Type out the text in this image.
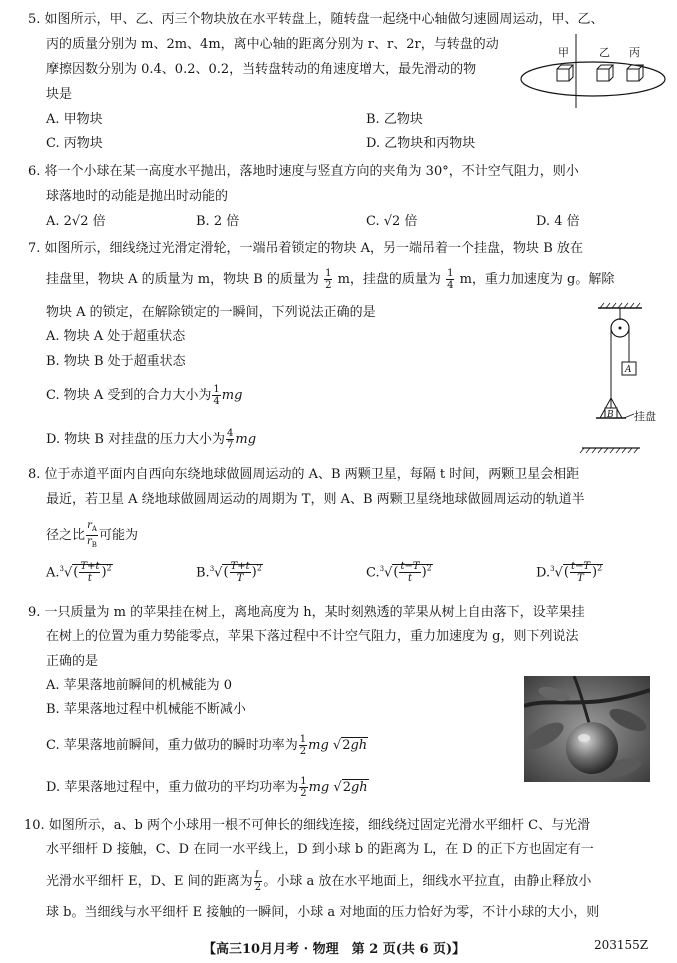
5. 如图所示，甲、乙、丙三个物块放在水平转盘上，随转盘一起绕中心轴做匀速圆周运动，甲、乙、
丙的质量分别为 m、2m、4m，离中心轴的距离分别为 r、r、2r，与转盘的动
摩擦因数分别为 0.4、0.2、0.2，当转盘转动的角速度增大，最先滑动的物
块是
A. 甲物块	B. 乙物块
C. 丙物块	D. 乙物块和丙物块
甲	乙 丙
6. 将一个小球在某一高度水平抛出，落地时速度与竖直方向的夹角为 30°，不计空气阻力，则小
球落地时的动能是抛出时动能的
A. 2√2 倍	B. 2 倍	C. √2 倍	D. 4 倍
7. 如图所示，细线绕过光滑定滑轮，一端吊着锁定的物块 A，另一端吊着一个挂盘，物块 B 放在
挂盘里，物块 A 的质量为 m，物块 B 的质量为 $\frac{1}{2}$ m，挂盘的质量为 $\frac{1}{4}$ m，重力加速度为 g。解除
物块 A 的锁定，在解除锁定的一瞬间，下列说法正确的是
A. 物块 A 处于超重状态
B. 物块 B 处于超重状态
C. 物块 A 受到的合力大小为 $\frac{1}{4}$ mg
D. 物块 B 对挂盘的压力大小为 $\frac{4}{7}$ mg
A
B 挂盘
8. 位于赤道平面内自西向东绕地球做圆周运动的 A、B 两颗卫星，每隔 t 时间，两颗卫星会相距
最近，若卫星 A 绕地球做圆周运动的周期为 T，则 A、B 两颗卫星绕地球做圆周运动的轨道半
径之比 $\frac{r_A}{r_B}$ 可能为
$A.^3√( \frac{T+t}{t} )^2$	$B.^3√( \frac{T+t}{T} )^2$	$C.^3√( \frac{t-T}{t} )^2$	$D.^3√( \frac{t-T}{T} )^2$
9. 一只质量为 m 的苹果挂在树上，离地高度为 h，某时刻熟透的苹果从树上自由落下，设苹果挂
在树上的位置为重力势能零点，苹果下落过程中不计空气阻力，重力加速度为 g，则下列说法
正确的是
A. 苹果落地前瞬间的机械能为 0
B. 苹果落地过程中机械能不断减小
C. 苹果落地前瞬间，重力做功的瞬时功率为 $\frac{1}{2}$ mg √2gh
D. 苹果落地过程中，重力做功的平均功率为 $\frac{1}{2}$ mg √2gh
10. 如图所示，a、b 两个小球用一根不可伸长的细线连接，细线绕过固定光滑水平细杆 C、与光滑
水平细杆 D 接触，C、D 在同一水平线上，D 到小球 b 的距离为 L，在 D 的正下方也固定有一
光滑水平细杆 E，D、E 间的距离为 $\frac{L}{2}$ 。小球 a 放在水平地面上，细线水平拉直，由静止释放小
球 b。当细线与水平细杆 E 接触的一瞬间，小球 a 对地面的压力恰好为零，不计小球的大小，则
【高三10月月考 · 物理　第 2 页(共 6 页)】	203155Z
